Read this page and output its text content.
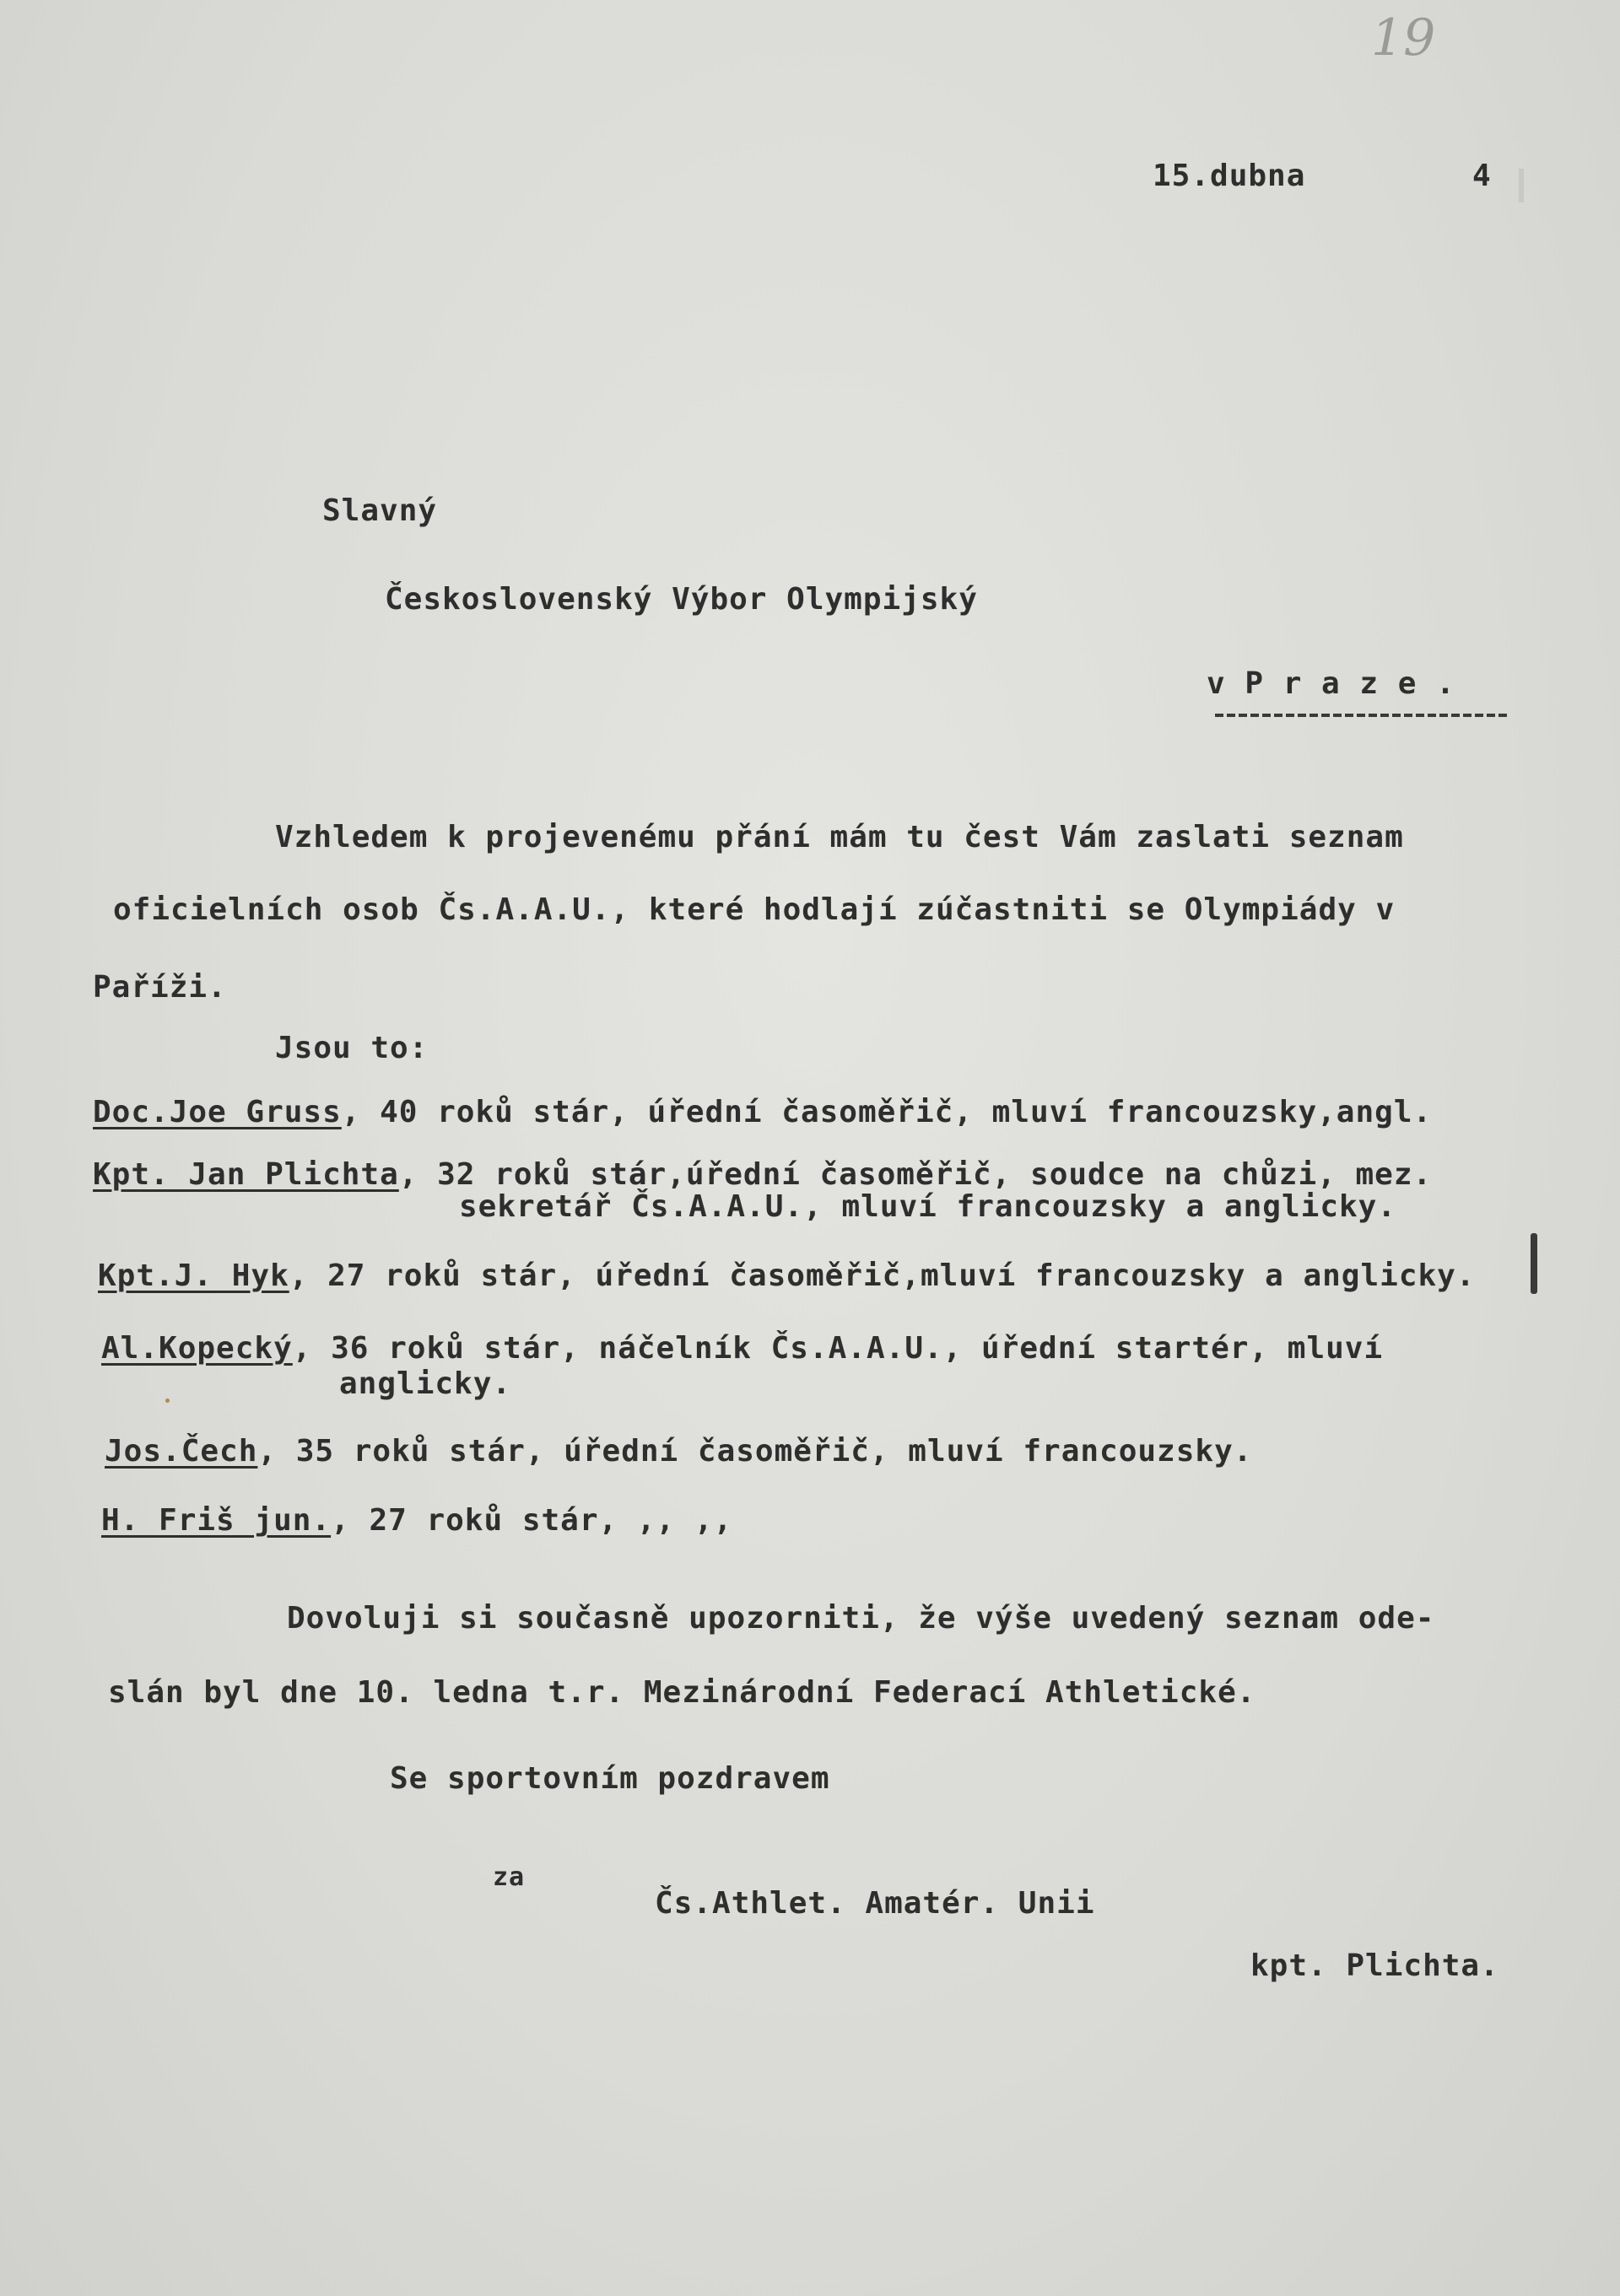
19
15.dubna	4
Slavný
Československý Výbor Olympijský
v P r a z e .
Vzhledem k projevenému přání mám tu čest Vám zaslati seznam
oficielních osob Čs.A.A.U., které hodlají zúčastniti se Olympiády v
Paříži.
Jsou to:
Doc.Joe Gruss, 40 roků stár, úřední časoměřič, mluví francouzsky,angl.
Kpt. Jan Plichta, 32 roků stár,úřední časoměřič, soudce na chůzi, mez.
sekretář Čs.A.A.U., mluví francouzsky a anglicky.
Kpt.J. Hyk, 27 roků stár, úřední časoměřič,mluví francouzsky a anglicky.
Al.Kopecký, 36 roků stár, náčelník Čs.A.A.U., úřední startér, mluví
anglicky.
Jos.Čech, 35 roků stár, úřední časoměřič, mluví francouzsky.
H. Friš jun., 27 roků stár, ,, ,,
Dovoluji si současně upozorniti, že výše uvedený seznam ode-
slán byl dne 10. ledna t.r. Mezinárodní Federací Athletické.
Se sportovním pozdravem
za
Čs.Athlet. Amatér. Unii
kpt. Plichta.
